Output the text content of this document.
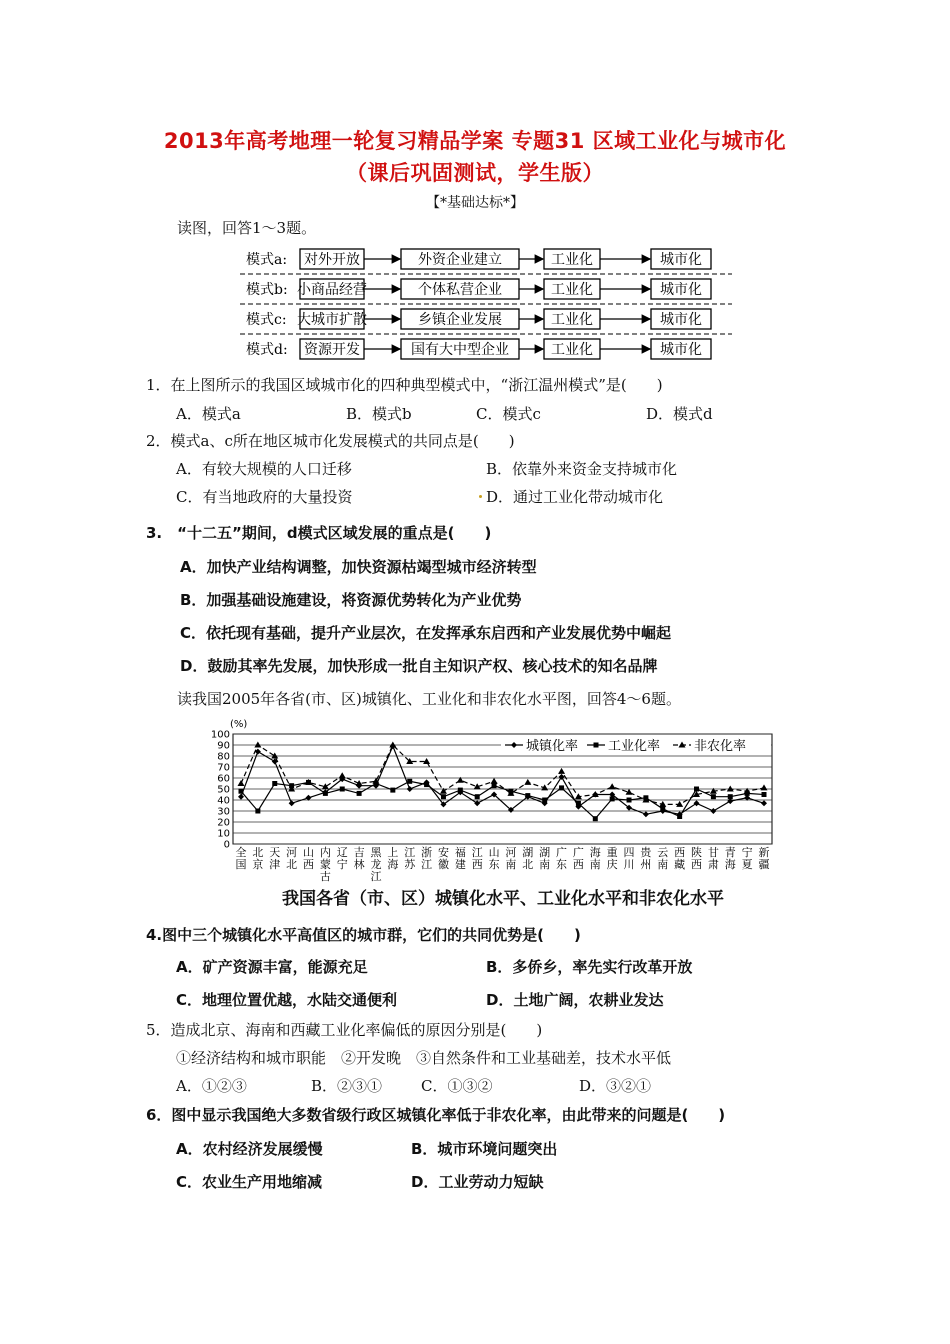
2013年高考地理一轮复习精品学案 专题31 区域工业化与城市化
（课后巩固测试，学生版）
【*基础达标*】
读图，回答1～3题。
模式a: 对外开放	外资企业建立	工业化	城市化
模式b: 小商品经营	个体私营企业	工业化	城市化
模式c: 大城市扩散	乡镇企业发展	工业化	城市化
模式d: 资源开发	国有大中型企业	工业化	城市化
1．在上图所示的我国区域城市化的四种典型模式中，“浙江温州模式”是(　　)
A．模式a	B．模式b	C．模式c	D．模式d
2．模式a、c所在地区城市化发展模式的共同点是(　　)
A．有较大规模的人口迁移	B．依靠外来资金支持城市化
C．有当地政府的大量投资	D．通过工业化带动城市化
3.　“十二五”期间，d模式区域发展的重点是(　　)
A．加快产业结构调整，加快资源枯竭型城市经济转型
B．加强基础设施建设，将资源优势转化为产业优势
C．依托现有基础，提升产业层次，在发挥承东启西和产业发展优势中崛起
D．鼓励其率先发展，加快形成一批自主知识产权、核心技术的知名品牌
读我国2005年各省(市、区)城镇化、工业化和非农化水平图，回答4～6题。
(%)
0
10
20
30
40
50
60
70
80
90
100
全
国
北
京
天
津
河
北
山
西
内
蒙
古
辽
宁
吉
林
黑
龙
江
上
海
江
苏
浙
江
安
徽
福
建
江
西
山
东
河
南
湖
北
湖
南
广
东
广
西
海
南
重
庆
四
川
贵
州
云
南
西
藏
陕
西
甘
肃
青
海
宁
夏
新
疆
城镇化率 工业化率	非农化率
我国各省（市、区）城镇化水平、工业化水平和非农化水平
4.图中三个城镇化水平高值区的城市群，它们的共同优势是(　　)
A．矿产资源丰富，能源充足	B．多侨乡，率先实行改革开放
C．地理位置优越，水陆交通便利	D．土地广阔，农耕业发达
5．造成北京、海南和西藏工业化率偏低的原因分别是(　　)
①经济结构和城市职能　②开发晚　③自然条件和工业基础差，技术水平低
A．①②③	B．②③①	C．①③②	D．③②①
6．图中显示我国绝大多数省级行政区城镇化率低于非农化率，由此带来的问题是(　　)
A．农村经济发展缓慢	B．城市环境问题突出
C．农业生产用地缩减	D．工业劳动力短缺
